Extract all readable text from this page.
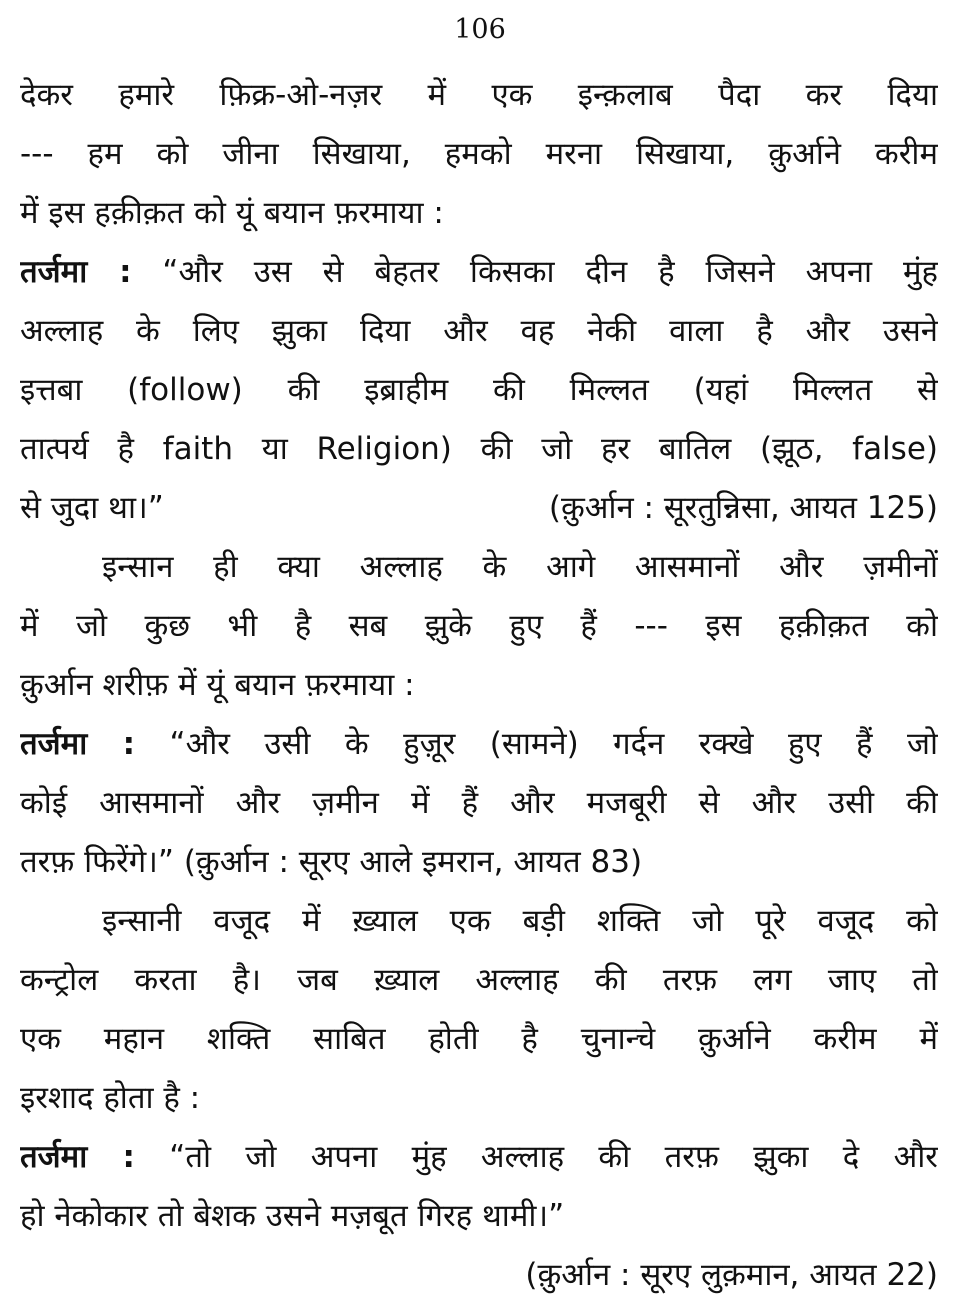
106
देकर हमारे फ़िक्र-ओ-नज़र में एक इन्क़लाब पैदा कर दिया
--- हम को जीना सिखाया, हमको मरना सिखाया, क़ुर्आने करीम
में इस हक़ीक़त को यूं बयान फ़रमाया :
तर्जमा : “और उस से बेहतर किसका दीन है जिसने अपना मुंह
अल्लाह के लिए झुका दिया और वह नेकी वाला है और उसने
इत्तबा (follow) की इब्राहीम की मिल्लत (यहां मिल्लत से
तात्पर्य है faith या Religion) की जो हर बातिल (झूठ, false)
से जुदा था।”	(क़ुर्आन : सूरतुन्निसा, आयत 125)
इन्सान ही क्या अल्लाह के आगे आसमानों और ज़मीनों
में जो कुछ भी है सब झुके हुए हैं --- इस हक़ीक़त को
क़ुर्आन शरीफ़ में यूं बयान फ़रमाया :
तर्जमा : “और उसी के हुज़ूर (सामने) गर्दन रक्खे हुए हैं जो
कोई आसमानों और ज़मीन में हैं और मजबूरी से और उसी की
तरफ़ फिरेंगे।” (क़ुर्आन : सूरए आले इमरान, आयत 83)
इन्सानी वजूद में ख़्याल एक बड़ी शक्ति जो पूरे वजूद को
कन्ट्रोल करता है। जब ख़्याल अल्लाह की तरफ़ लग जाए तो
एक महान शक्ति साबित होती है चुनान्चे क़ुर्आने करीम में
इरशाद होता है :
तर्जमा : “तो जो अपना मुंह अल्लाह की तरफ़ झुका दे और
हो नेकोकार तो बेशक उसने मज़बूत गिरह थामी।”
(क़ुर्आन : सूरए लुक़मान, आयत 22)
